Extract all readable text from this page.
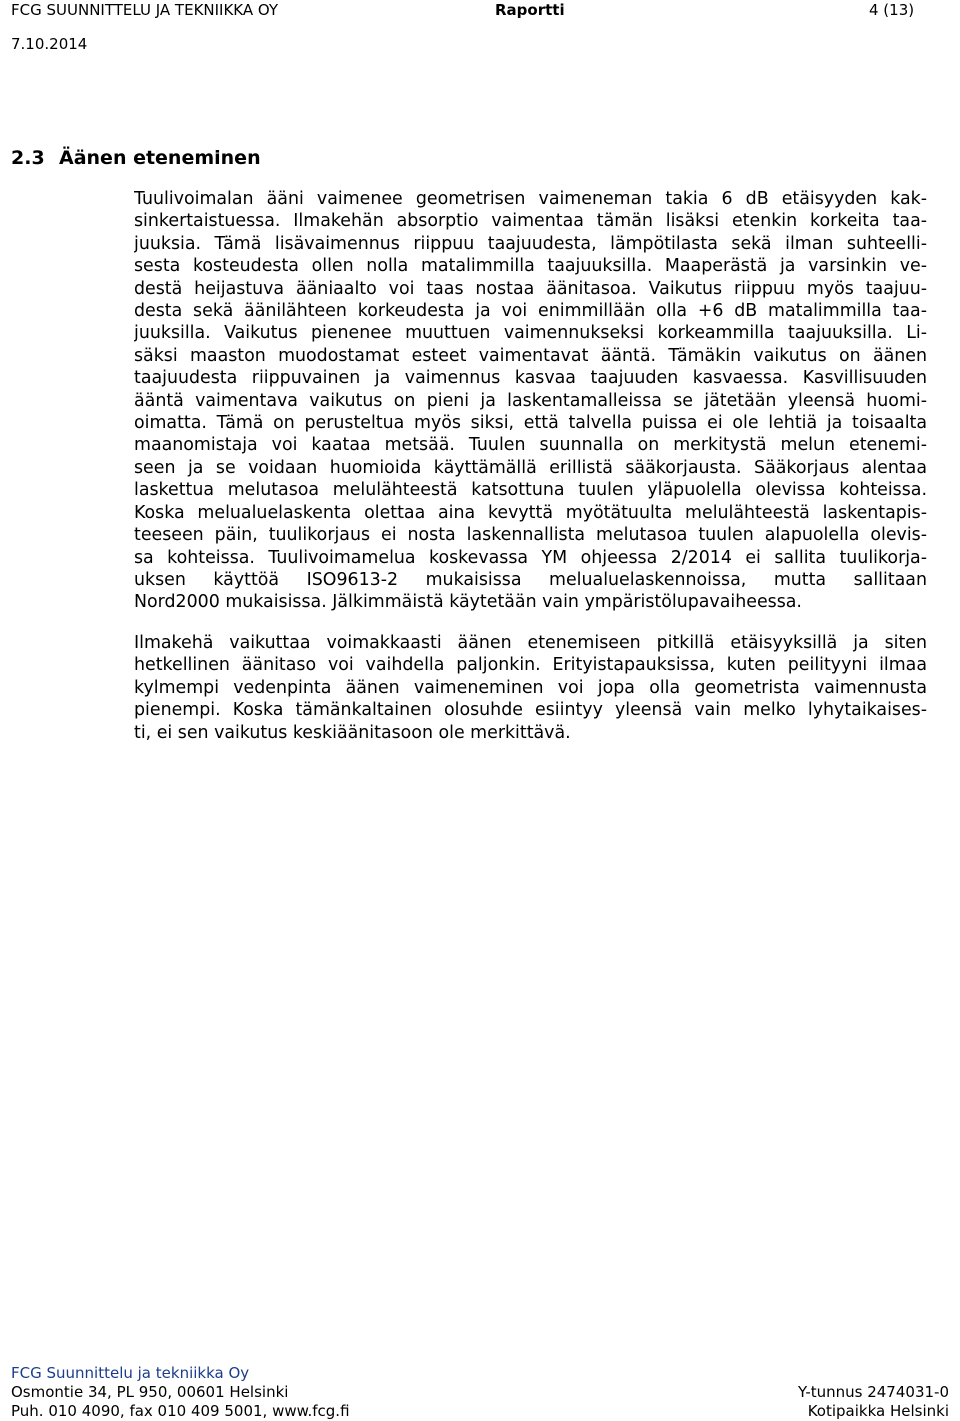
FCG SUUNNITTELU JA TEKNIIKKA OY	Raportti	4 (13)
7.10.2014
2.3 Äänen eteneminen
Tuulivoimalan ääni vaimenee geometrisen vaimeneman takia 6 dB etäisyyden kak-
sinkertaistuessa. Ilmakehän absorptio vaimentaa tämän lisäksi etenkin korkeita taa-
juuksia. Tämä lisävaimennus riippuu taajuudesta, lämpötilasta sekä ilman suhteelli-
sesta kosteudesta ollen nolla matalimmilla taajuuksilla. Maaperästä ja varsinkin ve-
destä heijastuva ääniaalto voi taas nostaa äänitasoa. Vaikutus riippuu myös taajuu-
desta sekä äänilähteen korkeudesta ja voi enimmillään olla +6 dB matalimmilla taa-
juuksilla. Vaikutus pienenee muuttuen vaimennukseksi korkeammilla taajuuksilla. Li-
säksi maaston muodostamat esteet vaimentavat ääntä. Tämäkin vaikutus on äänen
taajuudesta riippuvainen ja vaimennus kasvaa taajuuden kasvaessa. Kasvillisuuden
ääntä vaimentava vaikutus on pieni ja laskentamalleissa se jätetään yleensä huomi-
oimatta. Tämä on perusteltua myös siksi, että talvella puissa ei ole lehtiä ja toisaalta
maanomistaja voi kaataa metsää. Tuulen suunnalla on merkitystä melun etenemi-
seen ja se voidaan huomioida käyttämällä erillistä sääkorjausta. Sääkorjaus alentaa
laskettua melutasoa melulähteestä katsottuna tuulen yläpuolella olevissa kohteissa.
Koska melualuelaskenta olettaa aina kevyttä myötätuulta melulähteestä laskentapis-
teeseen päin, tuulikorjaus ei nosta laskennallista melutasoa tuulen alapuolella olevis-
sa kohteissa. Tuulivoimamelua koskevassa YM ohjeessa 2/2014 ei sallita tuulikorja-
uksen käyttöä ISO9613-2 mukaisissa melualuelaskennoissa, mutta sallitaan
Nord2000 mukaisissa. Jälkimmäistä käytetään vain ympäristölupavaiheessa.
Ilmakehä vaikuttaa voimakkaasti äänen etenemiseen pitkillä etäisyyksillä ja siten
hetkellinen äänitaso voi vaihdella paljonkin. Erityistapauksissa, kuten peilityyni ilmaa
kylmempi vedenpinta äänen vaimeneminen voi jopa olla geometrista vaimennusta
pienempi. Koska tämänkaltainen olosuhde esiintyy yleensä vain melko lyhytaikaises-
ti, ei sen vaikutus keskiäänitasoon ole merkittävä.
FCG Suunnittelu ja tekniikka Oy
Osmontie 34, PL 950, 00601 Helsinki	Y-tunnus 2474031-0
Puh. 010 4090, fax 010 409 5001, www.fcg.fi	Kotipaikka Helsinki
